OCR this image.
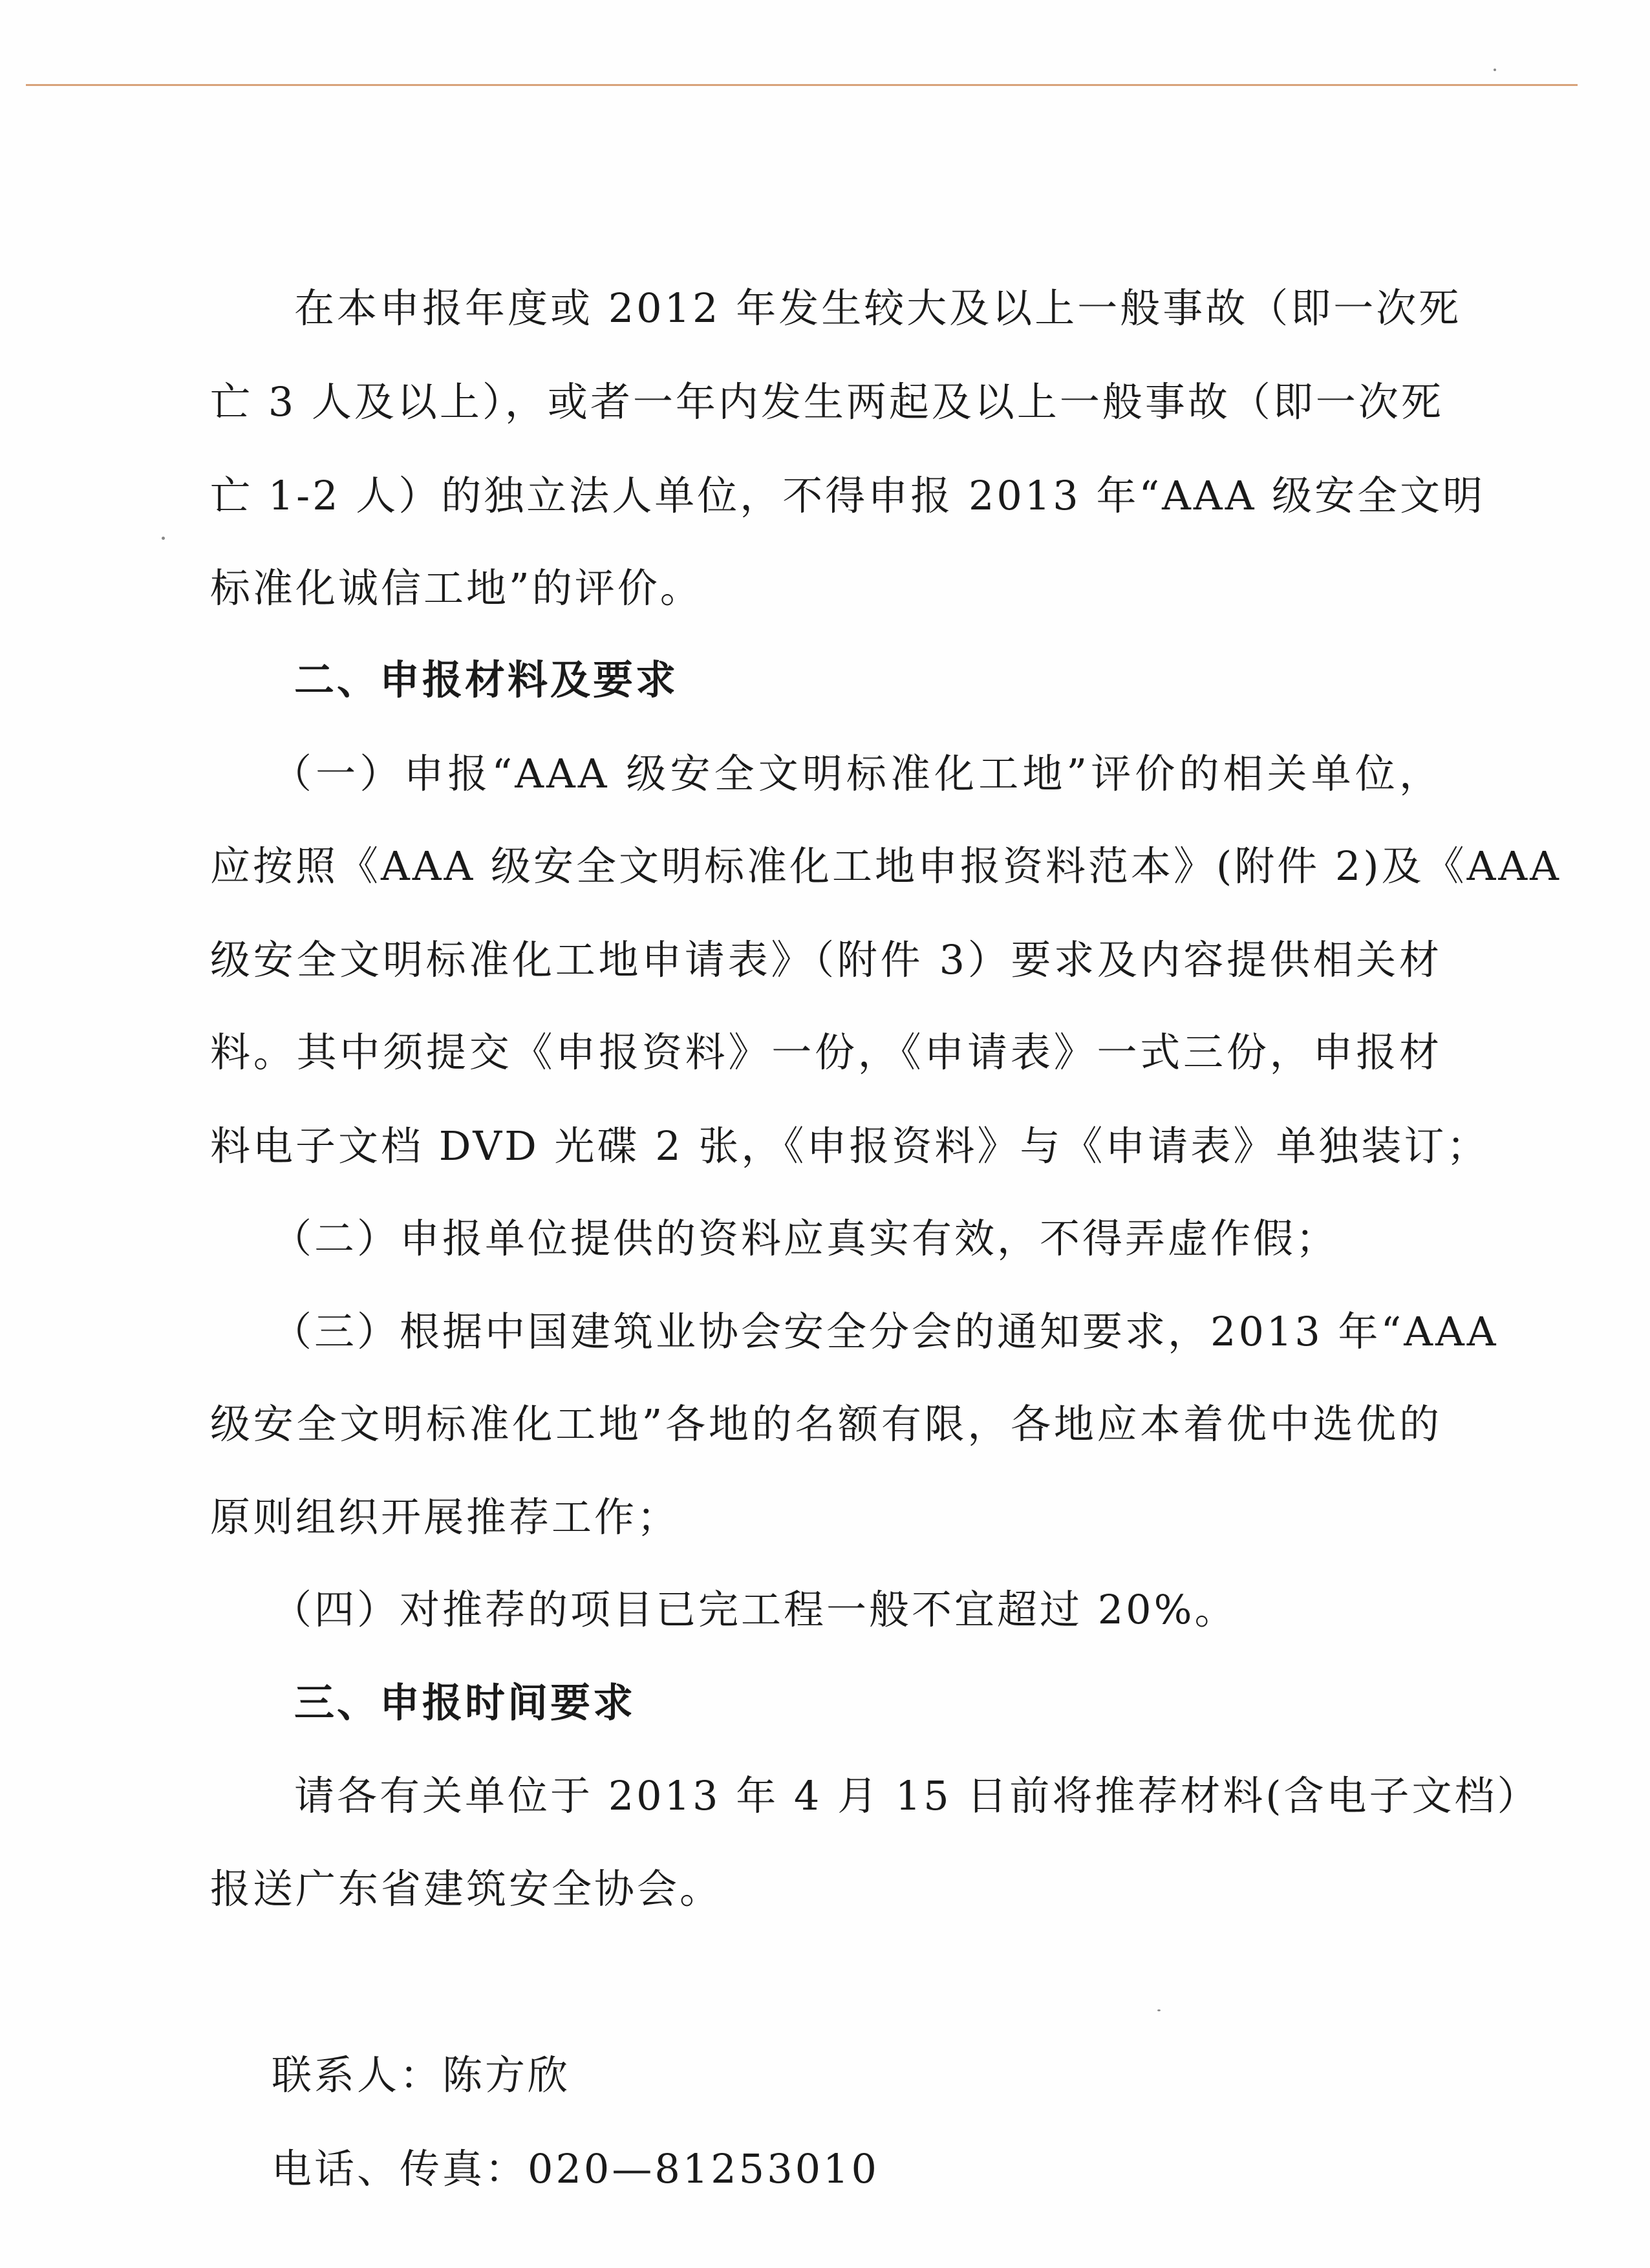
在本申报年度或 2012 年发生较大及以上一般事故（即一次死
亡 3 人及以上），或者一年内发生两起及以上一般事故（即一次死
亡 1-2 人）的独立法人单位，不得申报 2013 年“AAA 级安全文明
标准化诚信工地”的评价。
二、申报材料及要求
（一）申报“AAA 级安全文明标准化工地”评价的相关单位，
应按照《AAA 级安全文明标准化工地申报资料范本》(附件 2)及《AAA
级安全文明标准化工地申请表》（附件 3）要求及内容提供相关材
料。其中须提交《申报资料》一份，《申请表》一式三份，申报材
料电子文档 DVD 光碟 2 张，《申报资料》与《申请表》单独装订；
（二）申报单位提供的资料应真实有效，不得弄虚作假；
（三）根据中国建筑业协会安全分会的通知要求，2013 年“AAA
级安全文明标准化工地”各地的名额有限，各地应本着优中选优的
原则组织开展推荐工作；
（四）对推荐的项目已完工程一般不宜超过 20%。
三、申报时间要求
请各有关单位于 2013 年 4 月 15 日前将推荐材料(含电子文档）
报送广东省建筑安全协会。
联系人：陈方欣
电话、传真：020—81253010
